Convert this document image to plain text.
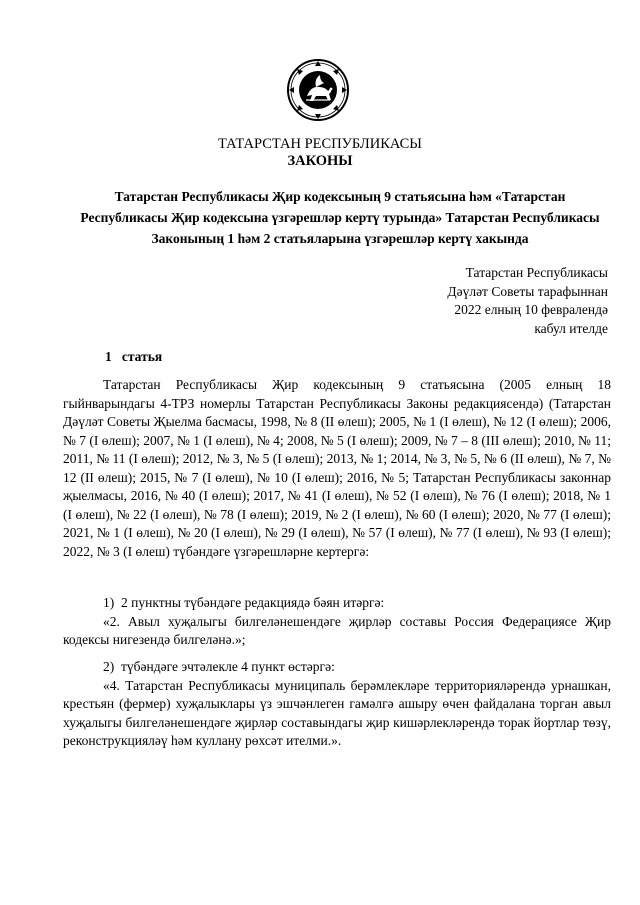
ТАТАРСТАН РЕСПУБЛИКАСЫ
ЗАКОНЫ
Татарстан Республикасы Җир кодексының 9 статьясына һәм «Татарстан Республикасы Җир кодексына үзгәрешләр кертү турында» Татарстан Республикасы Законының 1 һәм 2 статьяларына үзгәрешләр кертү хакында
Татарстан Республикасы
Дәүләт Советы тарафыннан
2022 елның 10 февралендә
кабул ителде
1   статья
Татарстан Республикасы Җир кодексының 9 статьясына (2005 елның 18 гыйнварындагы 4-ТРЗ номерлы Татарстан Республикасы Законы редакциясендә) (Татарстан Дәүләт Советы Җыелма басмасы, 1998, № 8 (II өлеш); 2005, № 1 (I өлеш), № 12 (I өлеш); 2006, № 7 (I өлеш); 2007, № 1 (I өлеш), № 4; 2008, № 5 (I өлеш); 2009, № 7 – 8 (III өлеш); 2010, № 11; 2011, № 11 (I өлеш); 2012, № 3, № 5 (I өлеш); 2013, № 1; 2014, № 3, № 5, № 6 (II өлеш), № 7, № 12 (II өлеш); 2015, № 7 (I өлеш), № 10 (I өлеш); 2016, № 5; Татарстан Республикасы законнар җыелмасы, 2016, № 40 (I өлеш); 2017, № 41 (I өлеш), № 52 (I өлеш), № 76 (I өлеш); 2018, № 1 (I өлеш), № 22 (I өлеш), № 78 (I өлеш); 2019, № 2 (I өлеш), № 60 (I өлеш); 2020, № 77 (I өлеш); 2021, № 1 (I өлеш), № 20 (I өлеш), № 29 (I өлеш), № 57 (I өлеш), № 77 (I өлеш), № 93 (I өлеш); 2022, № 3 (I өлеш) түбәндәге үзгәрешләрне кертергә:
1)  2 пунктны түбәндәге редакциядә бәян итәргә:
«2. Авыл хуҗалыгы билгеләнешендәге җирләр составы Россия Федерациясе Җир кодексы нигезендә билгеләнә.»;
2)  түбәндәге эчтәлекле 4 пункт өстәргә:
«4. Татарстан Республикасы муниципаль берәмлекләре территорияләрендә урнашкан, крестьян (фермер) хуҗалыклары үз эшчәнлеген гамәлгә ашыру өчен файдалана торган авыл хуҗалыгы билгеләнешендәге җирләр составындагы җир кишәрлекләрендә торак йортлар төзү, реконструкцияләү һәм куллану рөхсәт ителми.».
